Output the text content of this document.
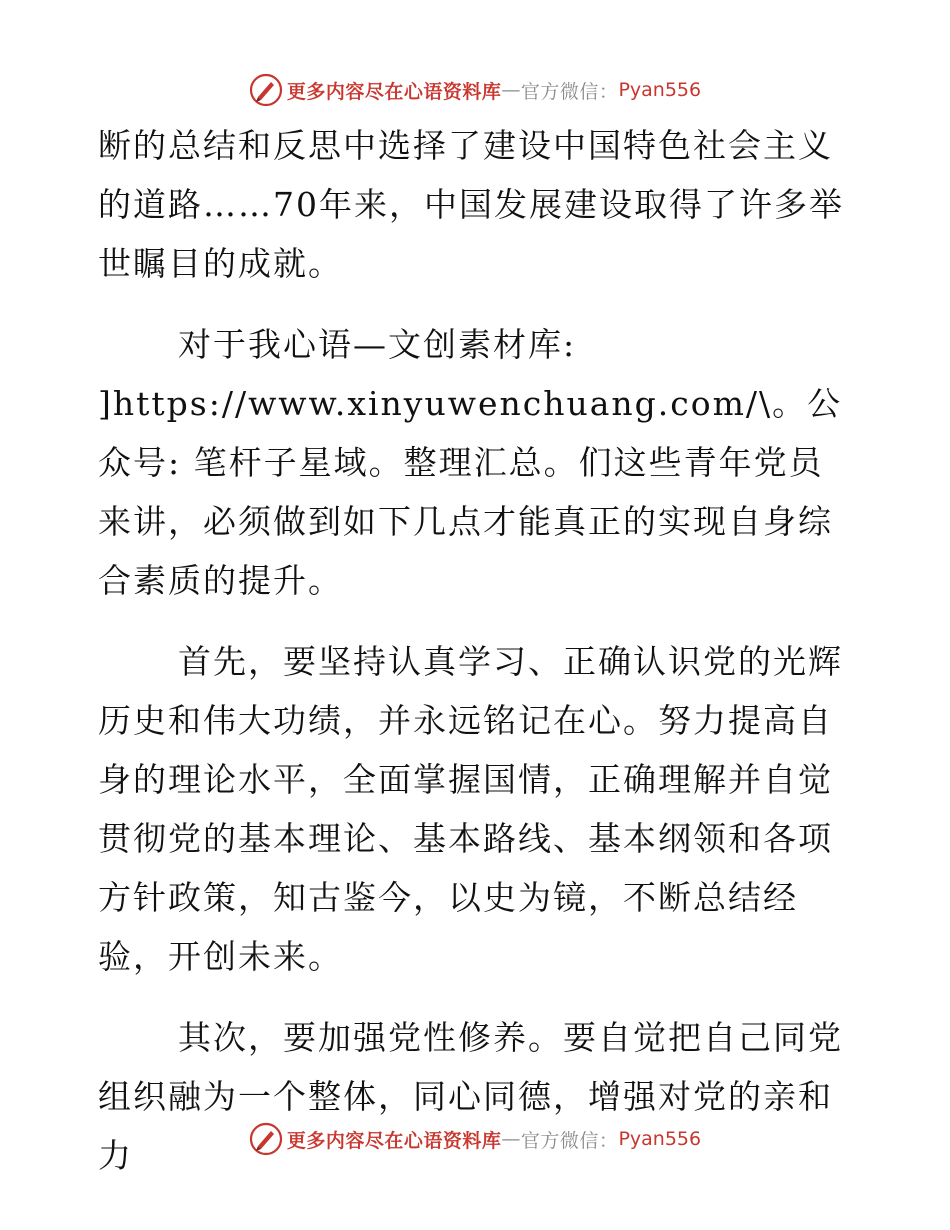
更多内容尽在心语资料库 — 官方微信： Pyan556

断的总结和反思中选择了建设中国特色社会主义的道路……70年来，中国发展建设取得了许多举世瞩目的成就。

对于我心语—文创素材库: ]https://www.xinyuwenchuang.com/\。公众号: 笔杆子星域。整理汇总。们这些青年党员来讲，必须做到如下几点才能真正的实现自身综合素质的提升。

首先，要坚持认真学习、正确认识党的光辉历史和伟大功绩，并永远铭记在心。努力提高自身的理论水平，全面掌握国情，正确理解并自觉贯彻党的基本理论、基本路线、基本纲领和各项方针政策，知古鉴今，以史为镜，不断总结经验，开创未来。

其次，要加强党性修养。要自觉把自己同党组织融为一个整体，同心同德，增强对党的亲和力	更多内容尽在心语资料库 — 官方微信： Pyan556
